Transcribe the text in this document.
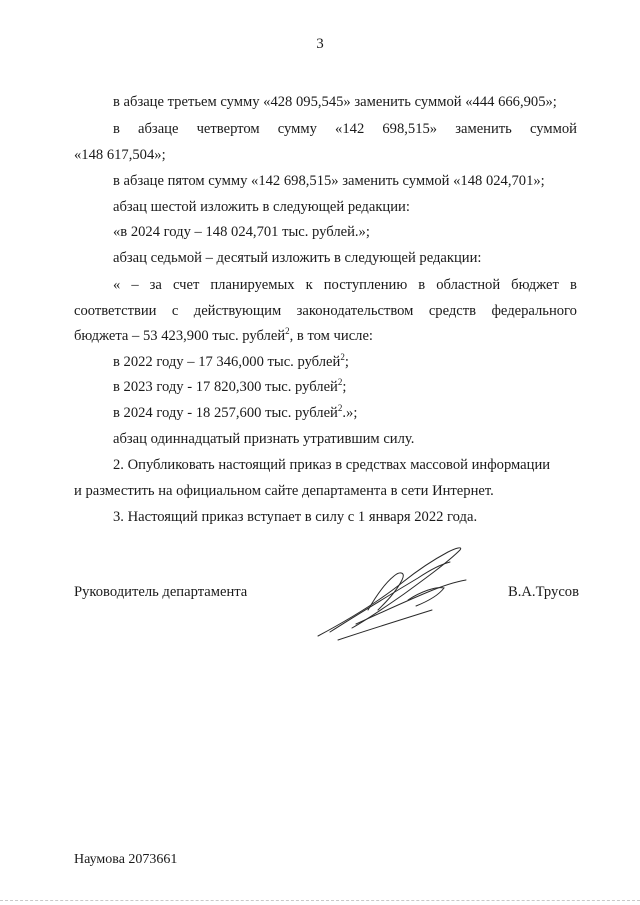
3
в абзаце третьем сумму «428 095,545» заменить суммой «444 666,905»;
в абзаце четвертом сумму «142 698,515» заменить суммой
«148 617,504»;
в абзаце пятом сумму «142 698,515» заменить суммой «148 024,701»;
абзац шестой изложить в следующей редакции:
«в 2024 году – 148 024,701 тыс. рублей.»;
абзац седьмой – десятый изложить в следующей редакции:
« – за счет планируемых к поступлению в областной бюджет в
соответствии с действующим законодательством средств федерального
бюджета – 53 423,900 тыс. рублей$^2$, в том числе:
в 2022 году – 17 346,000 тыс. рублей$^2$;
в 2023 году - 17 820,300 тыс. рублей$^2$;
в 2024 году - 18 257,600 тыс. рублей$^2$.»;
абзац одиннадцатый признать утратившим силу.
2. Опубликовать настоящий приказ в средствах массовой информации
и разместить на официальном сайте департамента в сети Интернет.
3. Настоящий приказ вступает в силу с 1 января 2022 года.
Руководитель департамента	В.А.Трусов
Наумова 2073661
